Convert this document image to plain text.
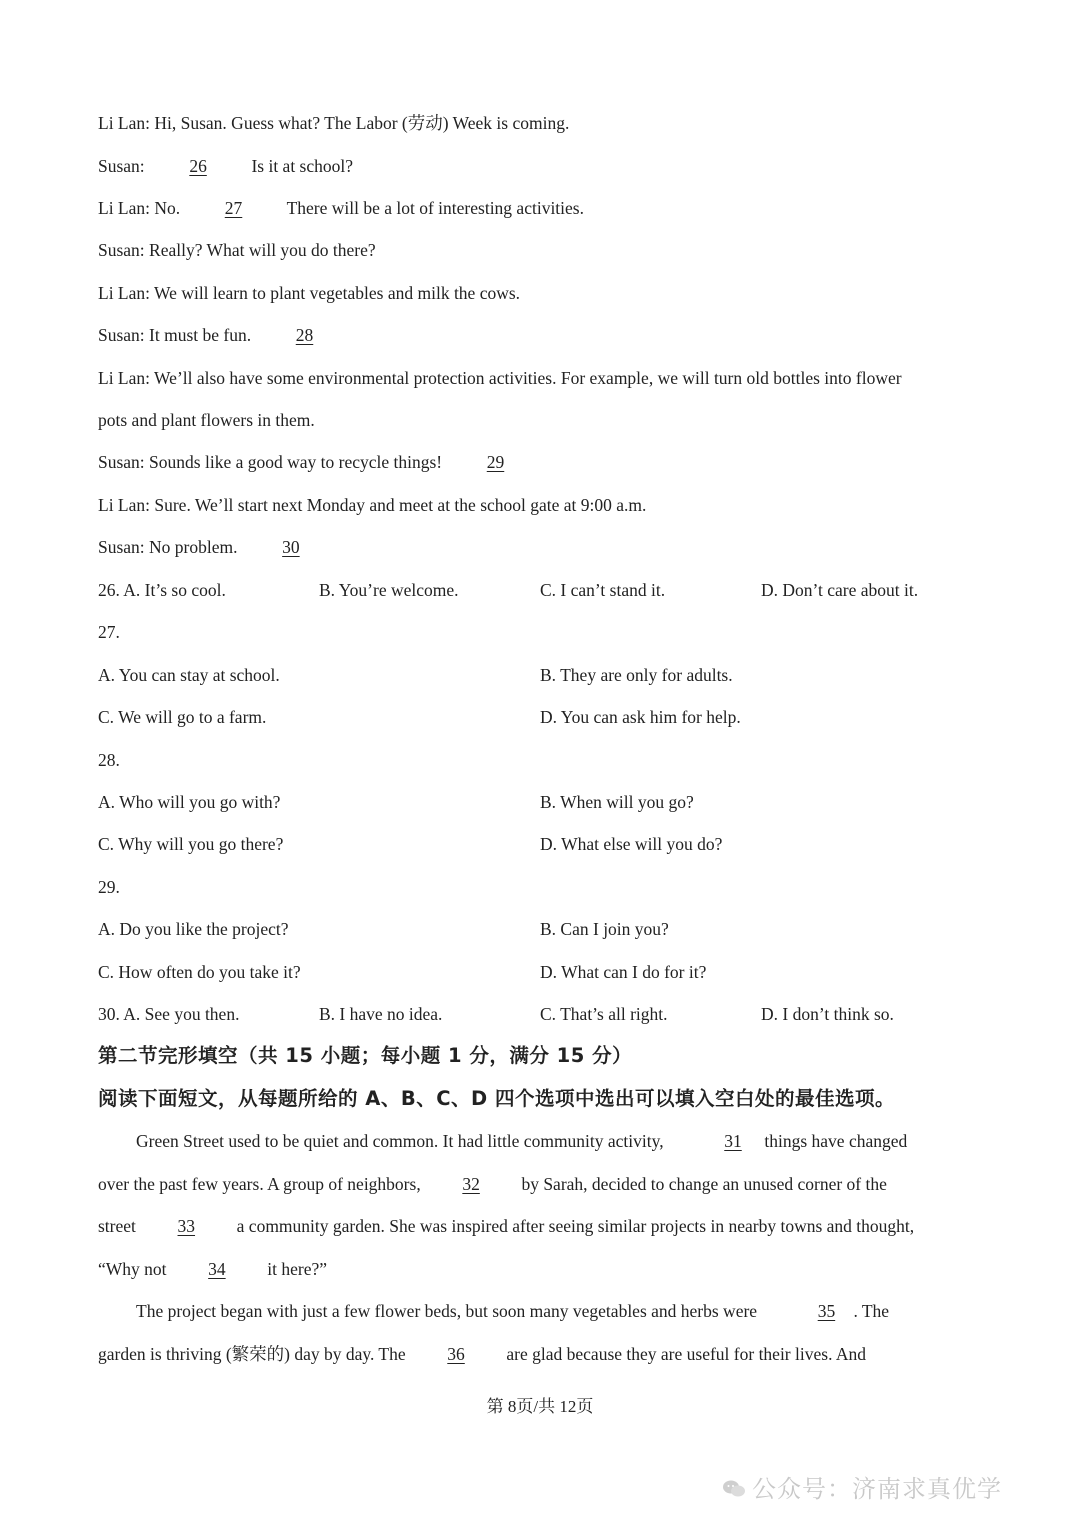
Li Lan: Hi, Susan. Guess what? The Labor (劳动) Week is coming.
Susan: 26 Is it at school?
Li Lan: No. 27 There will be a lot of interesting activities.
Susan: Really? What will you do there?
Li Lan: We will learn to plant vegetables and milk the cows.
Susan: It must be fun. 28
Li Lan: We’ll also have some environmental protection activities. For example, we will turn old bottles into flower
pots and plant flowers in them.
Susan: Sounds like a good way to recycle things! 29
Li Lan: Sure. We’ll start next Monday and meet at the school gate at 9:00 a.m.
Susan: No problem. 30
26. A. It’s so cool.	B. You’re welcome.	C. I can’t stand it.	D. Don’t care about it.
27.
A. You can stay at school.	B. They are only for adults.
C. We will go to a farm.	D. You can ask him for help.
28.
A. Who will you go with?	B. When will you go?
C. Why will you go there?	D. What else will you do?
29.
A. Do you like the project?	B. Can I join you?
C. How often do you take it?	D. What can I do for it?
30. A. See you then.	B. I have no idea.	C. That’s all right.	D. I don’t think so.
第二节完形填空（共 15 小题；每小题 1 分，满分 15 分）
阅读下面短文，从每题所给的 A、B、C、D 四个选项中选出可以填入空白处的最佳选项。
Green Street used to be quiet and common. It had little community activity,	31 things have changed
over the past few years. A group of neighbors, 32 by Sarah, decided to change an unused corner of the
street 33 a community garden. She was inspired after seeing similar projects in nearby towns and thought,
“Why not 34 it here?”
The project began with just a few flower beds, but soon many vegetables and herbs were	35 . The
garden is thriving (繁荣的) day by day. The 36 are glad because they are useful for their lives. And
第 8页/共 12页
公众号：济南求真优学
